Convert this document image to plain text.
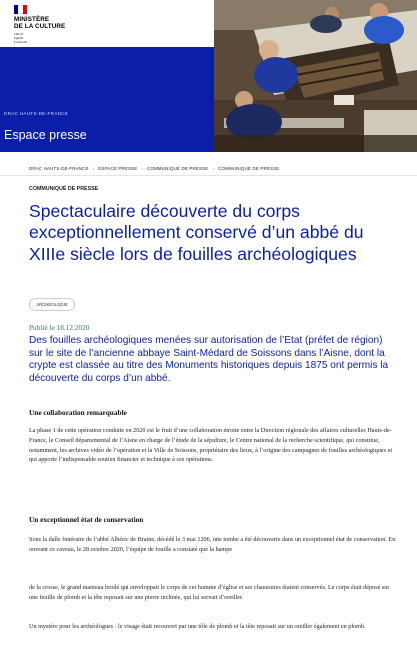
MINISTÈRE
DE LA CULTURE
Liberté
Égalité
Fraternité
DRAC HAUTS-DE-FRANCE
Espace presse
DRAC HAUTS-DE-FRANCE › ESPACE PRESSE › COMMUNIQUÉ DE PRESSE › COMMUNIQUÉ DE PRESSE
COMMUNIQUÉ DE PRESSE
Spectaculaire découverte du corps exceptionnellement conservé d’un abbé du XIIIe siècle lors de fouilles archéologiques
ARCHÉOLOGIE
Publié le 18.12.2020

Des fouilles archéologiques menées sur autorisation de l’Etat (préfet de région) sur le site de l’ancienne abbaye Saint-Médard de Soissons dans l’Aisne, dont la crypte est classée au titre des Monuments historiques depuis 1875 ont permis la découverte du corps d’un abbé.

Une collaboration remarquable

La phase 1 de cette opération conduite en 2020 est le fruit d’une collaboration étroite entre la Direction régionale des affaires culturelles Hauts-de-France, le Conseil départemental de l’Aisne en charge de l’étude de la sépulture, le Centre national de la recherche scientifique, qui constitue, notamment, les archives vidéo de l’opération et la Ville de Soissons, propriétaire des lieux, à l’origine des campagnes de fouilles archéologiques et qui apporte l’indispensable soutien financier et technique à ces opérations.

Un exceptionnel état de conservation

Sous la dalle funéraire de l’abbé Albéric de Braine, décédé le 3 mai 1206, une tombe a été découverte dans un exceptionnel état de conservation. En ouvrant ce caveau, le 28 octobre 2020, l’équipe de fouille a constaté que la hampe

de la crosse, le grand manteau brodé qui enveloppait le corps de cet homme d’église et ses chaussures étaient conservés. Le corps était déposé sur une feuille de plomb et la tête reposait sur une pierre inclinée, qui lui servait d’oreiller.

Un mystère pour les archéologues : le visage était recouvert par une tôle de plomb et la tête reposait sur un oreiller également en plomb.
